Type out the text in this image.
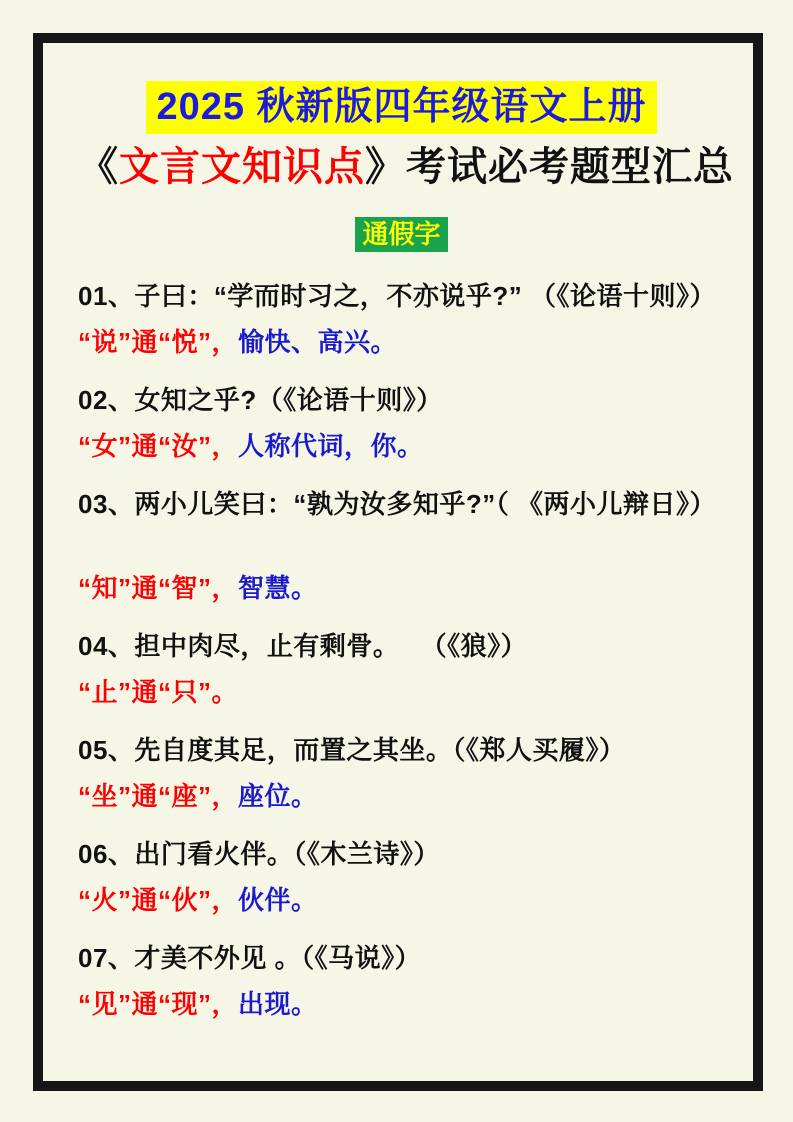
2025 秋新版四年级语文上册
《文言文知识点》考试必考题型汇总
通假字
01、子曰：“学而时习之，不亦说乎?” （《论语十则》）
“说”通“悦”，愉快、高兴。
02、女知之乎?（《论语十则》）
“女”通“汝”，人称代词，你。
03、两小儿笑曰：“孰为汝多知乎?”（ 《两小儿辩日》）
“知”通“智”，智慧。
04、担中肉尽，止有剩骨。　 （《狼》）
“止”通“只”。
05、先自度其足，而置之其坐。（《郑人买履》）
“坐”通“座”，座位。
06、出门看火伴。（《木兰诗》）
“火”通“伙”，伙伴。
07、才美不外见 。（《马说》）
“见”通“现”，出现。
